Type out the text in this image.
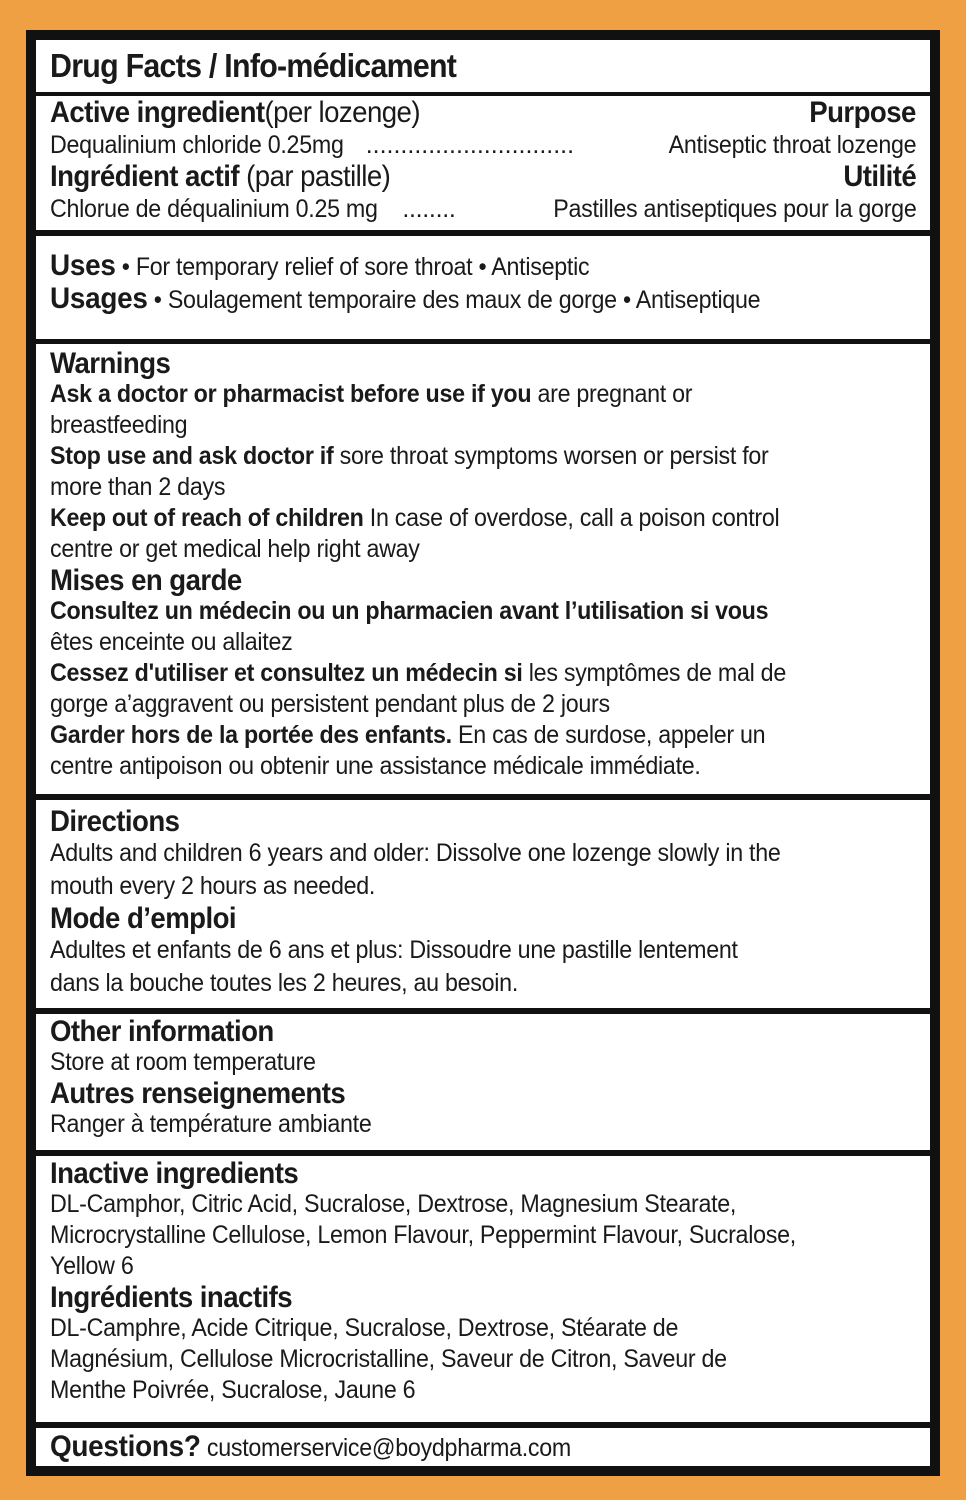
Drug Facts / Info-médicament
Active ingredient(per lozenge)	Purpose
Dequalinium chloride 0.25mg ..............................	Antiseptic throat lozenge
Ingrédient actif (par pastille)	Utilité
Chlorue de déqualinium 0.25 mg ........	Pastilles antiseptiques pour la gorge
Uses • For temporary relief of sore throat • Antiseptic
Usages • Soulagement temporaire des maux de gorge • Antiseptique
Warnings
Ask a doctor or pharmacist before use if you are pregnant or
breastfeeding
Stop use and ask doctor if sore throat symptoms worsen or persist for
more than 2 days
Keep out of reach of children In case of overdose, call a poison control
centre or get medical help right away
Mises en garde
Consultez un médecin ou un pharmacien avant l’utilisation si vous
êtes enceinte ou allaitez
Cessez d'utiliser et consultez un médecin si les symptômes de mal de
gorge a’aggravent ou persistent pendant plus de 2 jours
Garder hors de la portée des enfants. En cas de surdose, appeler un
centre antipoison ou obtenir une assistance médicale immédiate.
Directions
Adults and children 6 years and older: Dissolve one lozenge slowly in the
mouth every 2 hours as needed.
Mode d’emploi
Adultes et enfants de 6 ans et plus: Dissoudre une pastille lentement
dans la bouche toutes les 2 heures, au besoin.
Other information
Store at room temperature
Autres renseignements
Ranger à température ambiante
Inactive ingredients
DL-Camphor, Citric Acid, Sucralose, Dextrose, Magnesium Stearate,
Microcrystalline Cellulose, Lemon Flavour, Peppermint Flavour, Sucralose,
Yellow 6
Ingrédients inactifs
DL-Camphre, Acide Citrique, Sucralose, Dextrose, Stéarate de
Magnésium, Cellulose Microcristalline, Saveur de Citron, Saveur de
Menthe Poivrée, Sucralose, Jaune 6
Questions? customerservice@boydpharma.com
